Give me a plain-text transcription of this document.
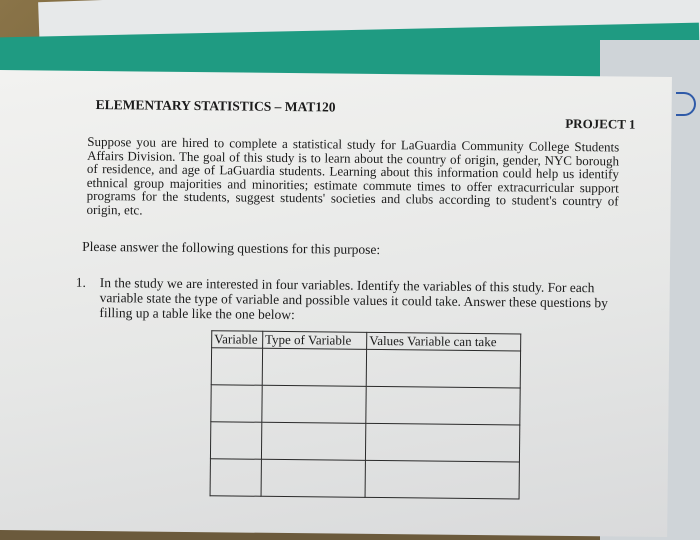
ELEMENTARY STATISTICS – MAT120
PROJECT 1

Suppose you are hired to complete a statistical study for LaGuardia Community College Students Affairs Division. The goal of this study is to learn about the country of origin, gender, NYC borough of residence, and age of LaGuardia students. Learning about this information could help us identify ethnical group majorities and minorities; estimate commute times to offer extracurricular support programs for the students, suggest students' societies and clubs according to student's country of origin, etc.

Please answer the following questions for this purpose:

1. In the study we are interested in four variables. Identify the variables of this study. For each variable state the type of variable and possible values it could take. Answer these questions by filling up a table like the one below:
Variable	Type of Variable	Values Variable can take
